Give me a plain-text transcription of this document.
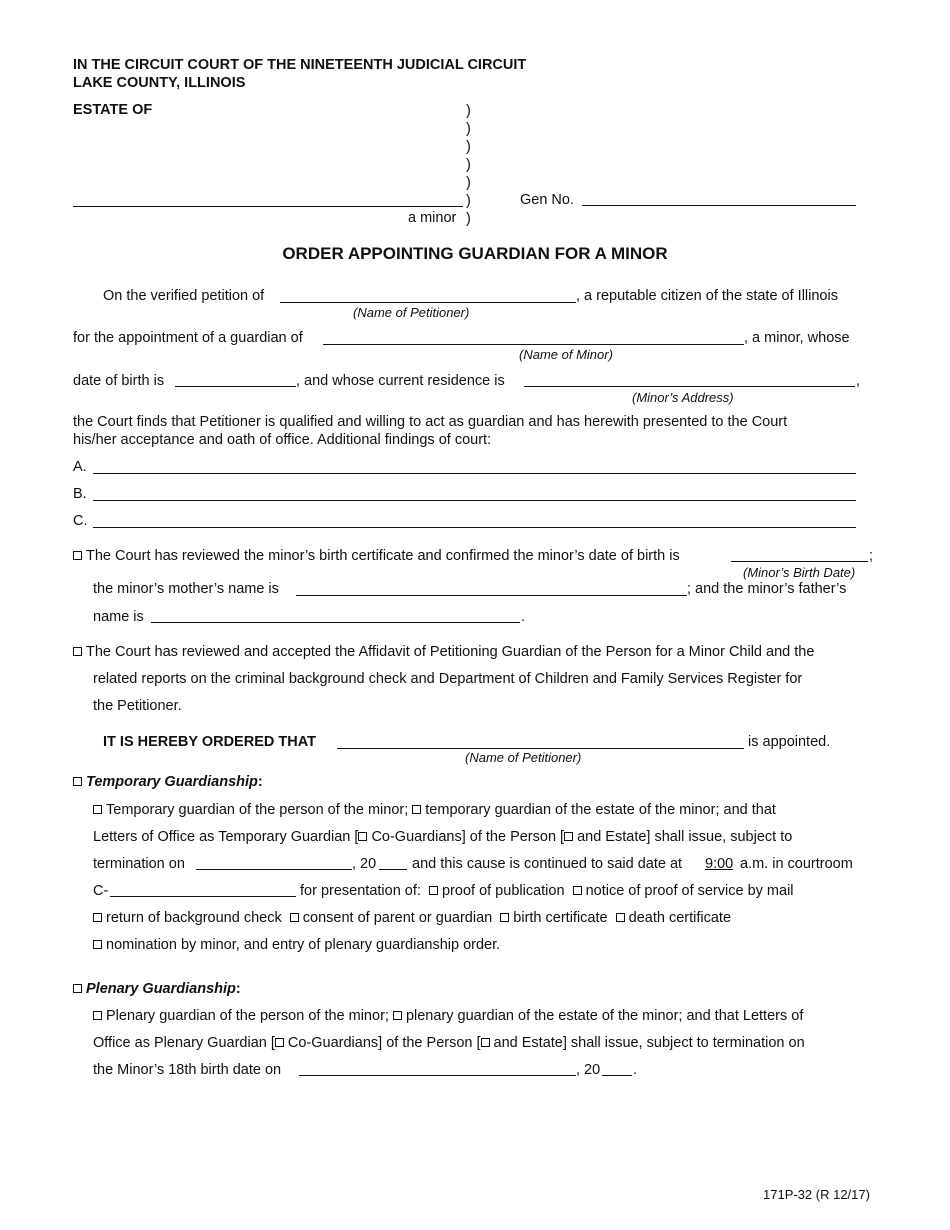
IN THE CIRCUIT COURT OF THE NINETEENTH JUDICIAL CIRCUIT
LAKE COUNTY, ILLINOIS
ESTATE OF	)
)
)
)
)
)
)
a minor
Gen No.
ORDER APPOINTING GUARDIAN FOR A MINOR
On the verified petition of	, a reputable citizen of the state of Illinois
(Name of Petitioner)
for the appointment of a guardian of	, a minor, whose
(Name of Minor)
date of birth is	, and whose current residence is	,
(Minor’s Address)
the Court finds that Petitioner is qualified and willing to act as guardian and has herewith presented to the Court
his/her acceptance and oath of office. Additional findings of court:
A.
B.
C.
The Court has reviewed the minor’s birth certificate and confirmed the minor’s date of birth is	;
(Minor’s Birth Date)
the minor’s mother’s name is	; and the minor’s father’s
name is	.
The Court has reviewed and accepted the Affidavit of Petitioning Guardian of the Person for a Minor Child and the
related reports on the criminal background check and Department of Children and Family Services Register for
the Petitioner.
IT IS HEREBY ORDERED THAT	is appointed.
(Name of Petitioner)
Temporary Guardianship:
Temporary guardian of the person of the minor; temporary guardian of the estate of the minor; and that
Letters of Office as Temporary Guardian [ Co-Guardians] of the Person [ and Estate] shall issue, subject to
termination on	, 20 and this cause is continued to said date at 9:00 a.m. in courtroom
C-	for presentation of: proof of publication notice of proof of service by mail
return of background check consent of parent or guardian birth certificate death certificate
nomination by minor, and entry of plenary guardianship order.
Plenary Guardianship:
Plenary guardian of the person of the minor; plenary guardian of the estate of the minor; and that Letters of
Office as Plenary Guardian [ Co-Guardians] of the Person [ and Estate] shall issue, subject to termination on
the Minor’s 18th birth date on	, 20 .
171P-32 (R 12/17)
